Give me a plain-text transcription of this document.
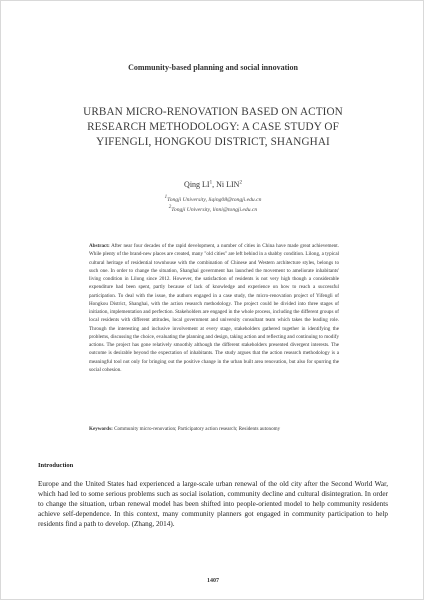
Community-based planning and social innovation
URBAN MICRO-RENOVATION BASED ON ACTION RESEARCH METHODOLOGY: A CASE STUDY OF YIFENGLI, HONGKOU DISTRICT, SHANGHAI
Qing $LI^1$, Ni LIN$^2$
$^1$Tongji University, liqing08@tongji.edu.cn
$^2$Tongji University, linni@tongji.edu.cn
Abstract: After near four decades of the rapid development, a number of cities in China have made great achievement. While plenty of the brand-new places are created, many "old cities" are left behind in a shabby condition. Lilong, a typical cultural heritage of residential townhouse with the combination of Chinese and Western architecture styles, belongs to such one. In order to change the situation, Shanghai government has launched the movement to ameliorate inhabitants' living condition in Lilong since 2012. However, the satisfaction of residents is not very high though a considerable expenditure had been spent, partly because of lack of knowledge and experience on how to reach a successful participation. To deal with the issue, the authors engaged in a case study, the micro-renovation project of Yifengli of Hongkou District, Shanghai, with the action research methodology. The project could be divided into three stages of initiation, implementation and perfection. Stakeholders are engaged in the whole process, including the different groups of local residents with different attitudes, local government and university consultant team which takes the leading role. Through the interesting and inclusive involvement at every stage, stakeholders gathered together in identifying the problems, discussing the choice, evaluating the planning and design, taking action and reflecting and continuing to modify actions. The project has gone relatively smoothly although the different stakeholders presented divergent interests. The outcome is desirable beyond the expectation of inhabitants. The study argues that the action research methodology is a meaningful tool not only for bringing out the positive change in the urban built area renovation, but also for spurring the social cohesion.
Keywords: Community micro-renovation; Participatory action research; Residents autonomy
Introduction
Europe and the United States had experienced a large-scale urban renewal of the old city after the Second World War, which had led to some serious problems such as social isolation, community decline and cultural disintegration. In order to change the situation, urban renewal model has been shifted into people-oriented model to help community residents achieve self-dependence. In this context, many community planners got engaged in community participation to help residents find a path to develop. (Zhang, 2014).
1407
